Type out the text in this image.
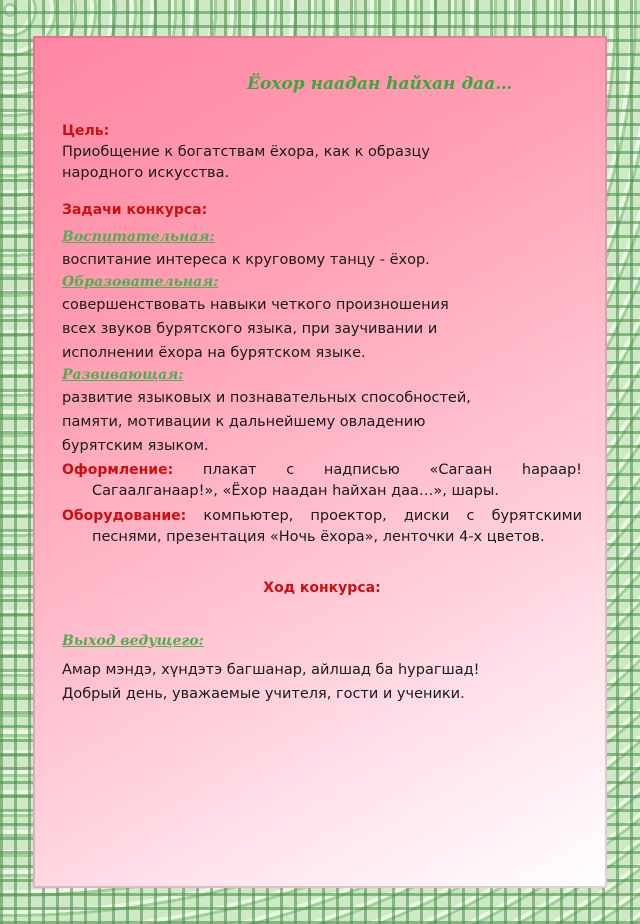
Ёохор наадан һайхан даа…

Цель:

Приобщение к богатствам ёхора, как к образцу

народного искусства.

Задачи конкурса:

Воспитательная:

воспитание интереса к круговому танцу - ёхор.

Образовательная:

совершенствовать навыки четкого произношения

всех звуков бурятского языка, при заучивании и

исполнении ёхора на бурятском языке.

Развивающая:

развитие языковых и познавательных способностей,

памяти, мотивации к дальнейшему овладению

бурятским языком.

Оформление: плакат с надписью «Сагаан һараар! Сагаалганаар!», «Ёхор наадан һайхан даа…», шары.

Оборудование: компьютер, проектор, диски с бурятскими песнями, презентация «Ночь ёхора», ленточки 4-х цветов.

Ход конкурса:

Выход ведущего:

Амар мэндэ, хүндэтэ багшанар, айлшад ба һурагшад!

Добрый день, уважаемые учителя, гости и ученики.
